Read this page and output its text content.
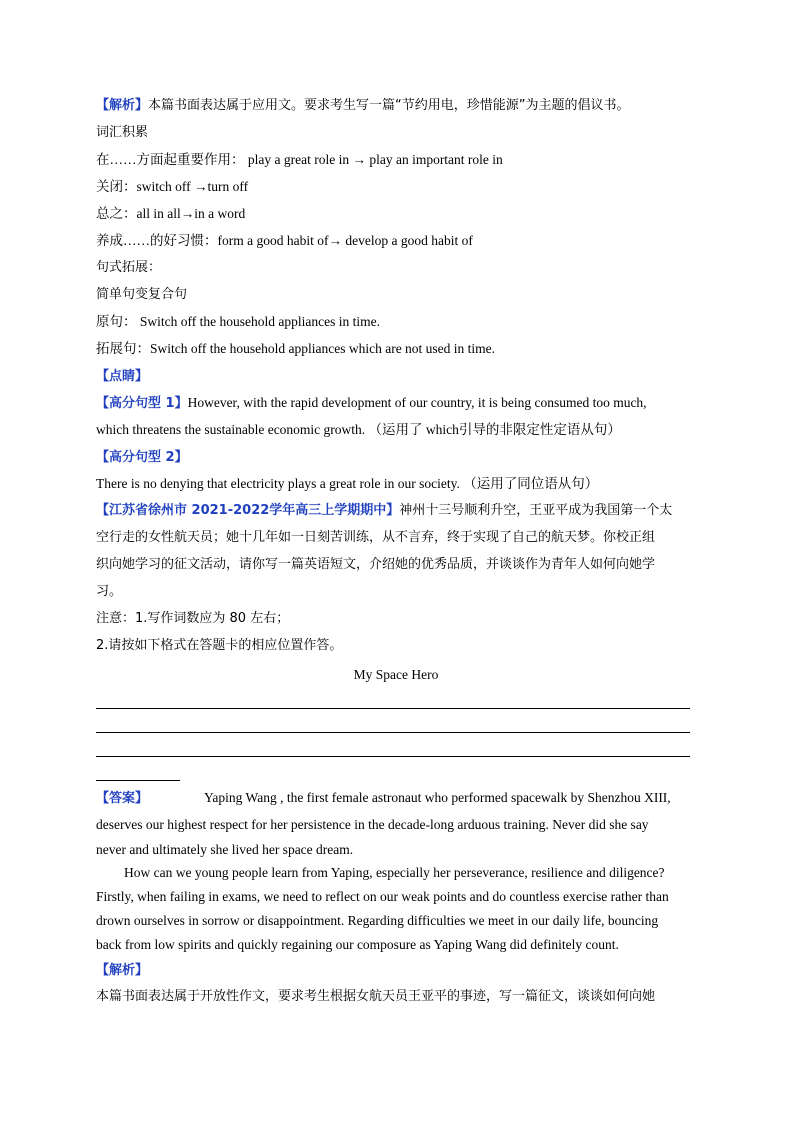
【解析】本篇书面表达属于应用文。要求考生写一篇“节约用电，珍惜能源”为主题的倡议书。
词汇积累
在……方面起重要作用： play a great role in → play an important role in
关闭：switch off →turn off
总之：all in all→in a word
养成……的好习惯：form a good habit of→ develop a good habit of
句式拓展：
简单句变复合句
原句： Switch off the household appliances in time.
拓展句：Switch off the household appliances which are not used in time.
【点睛】
【高分句型 1】However, with the rapid development of our country, it is being consumed too much,
which threatens the sustainable economic growth. （运用了 which引导的非限定性定语从句）
【高分句型 2】
There is no denying that electricity plays a great role in our society. （运用了同位语从句）
【江苏省徐州市 2021-2022学年高三上学期期中】神州十三号顺利升空，王亚平成为我国第一个太
空行走的女性航天员；她十几年如一日刻苦训练，从不言弃，终于实现了自己的航天梦。你校正组
织向她学习的征文活动，请你写一篇英语短文，介绍她的优秀品质，并谈谈作为青年人如何向她学
习。
注意：1.写作词数应为 80 左右；
2.请按如下格式在答题卡的相应位置作答。
My Space Hero
【答案】	Yaping Wang , the first female astronaut who performed spacewalk by Shenzhou XIII,
deserves our highest respect for her persistence in the decade-long arduous training. Never did she say
never and ultimately she lived her space dream.
How can we young people learn from Yaping, especially her perseverance, resilience and diligence?
Firstly, when failing in exams, we need to reflect on our weak points and do countless exercise rather than
drown ourselves in sorrow or disappointment. Regarding difficulties we meet in our daily life, bouncing
back from low spirits and quickly regaining our composure as Yaping Wang did definitely count.
【解析】
本篇书面表达属于开放性作文，要求考生根据女航天员王亚平的事迹，写一篇征文，谈谈如何向她
